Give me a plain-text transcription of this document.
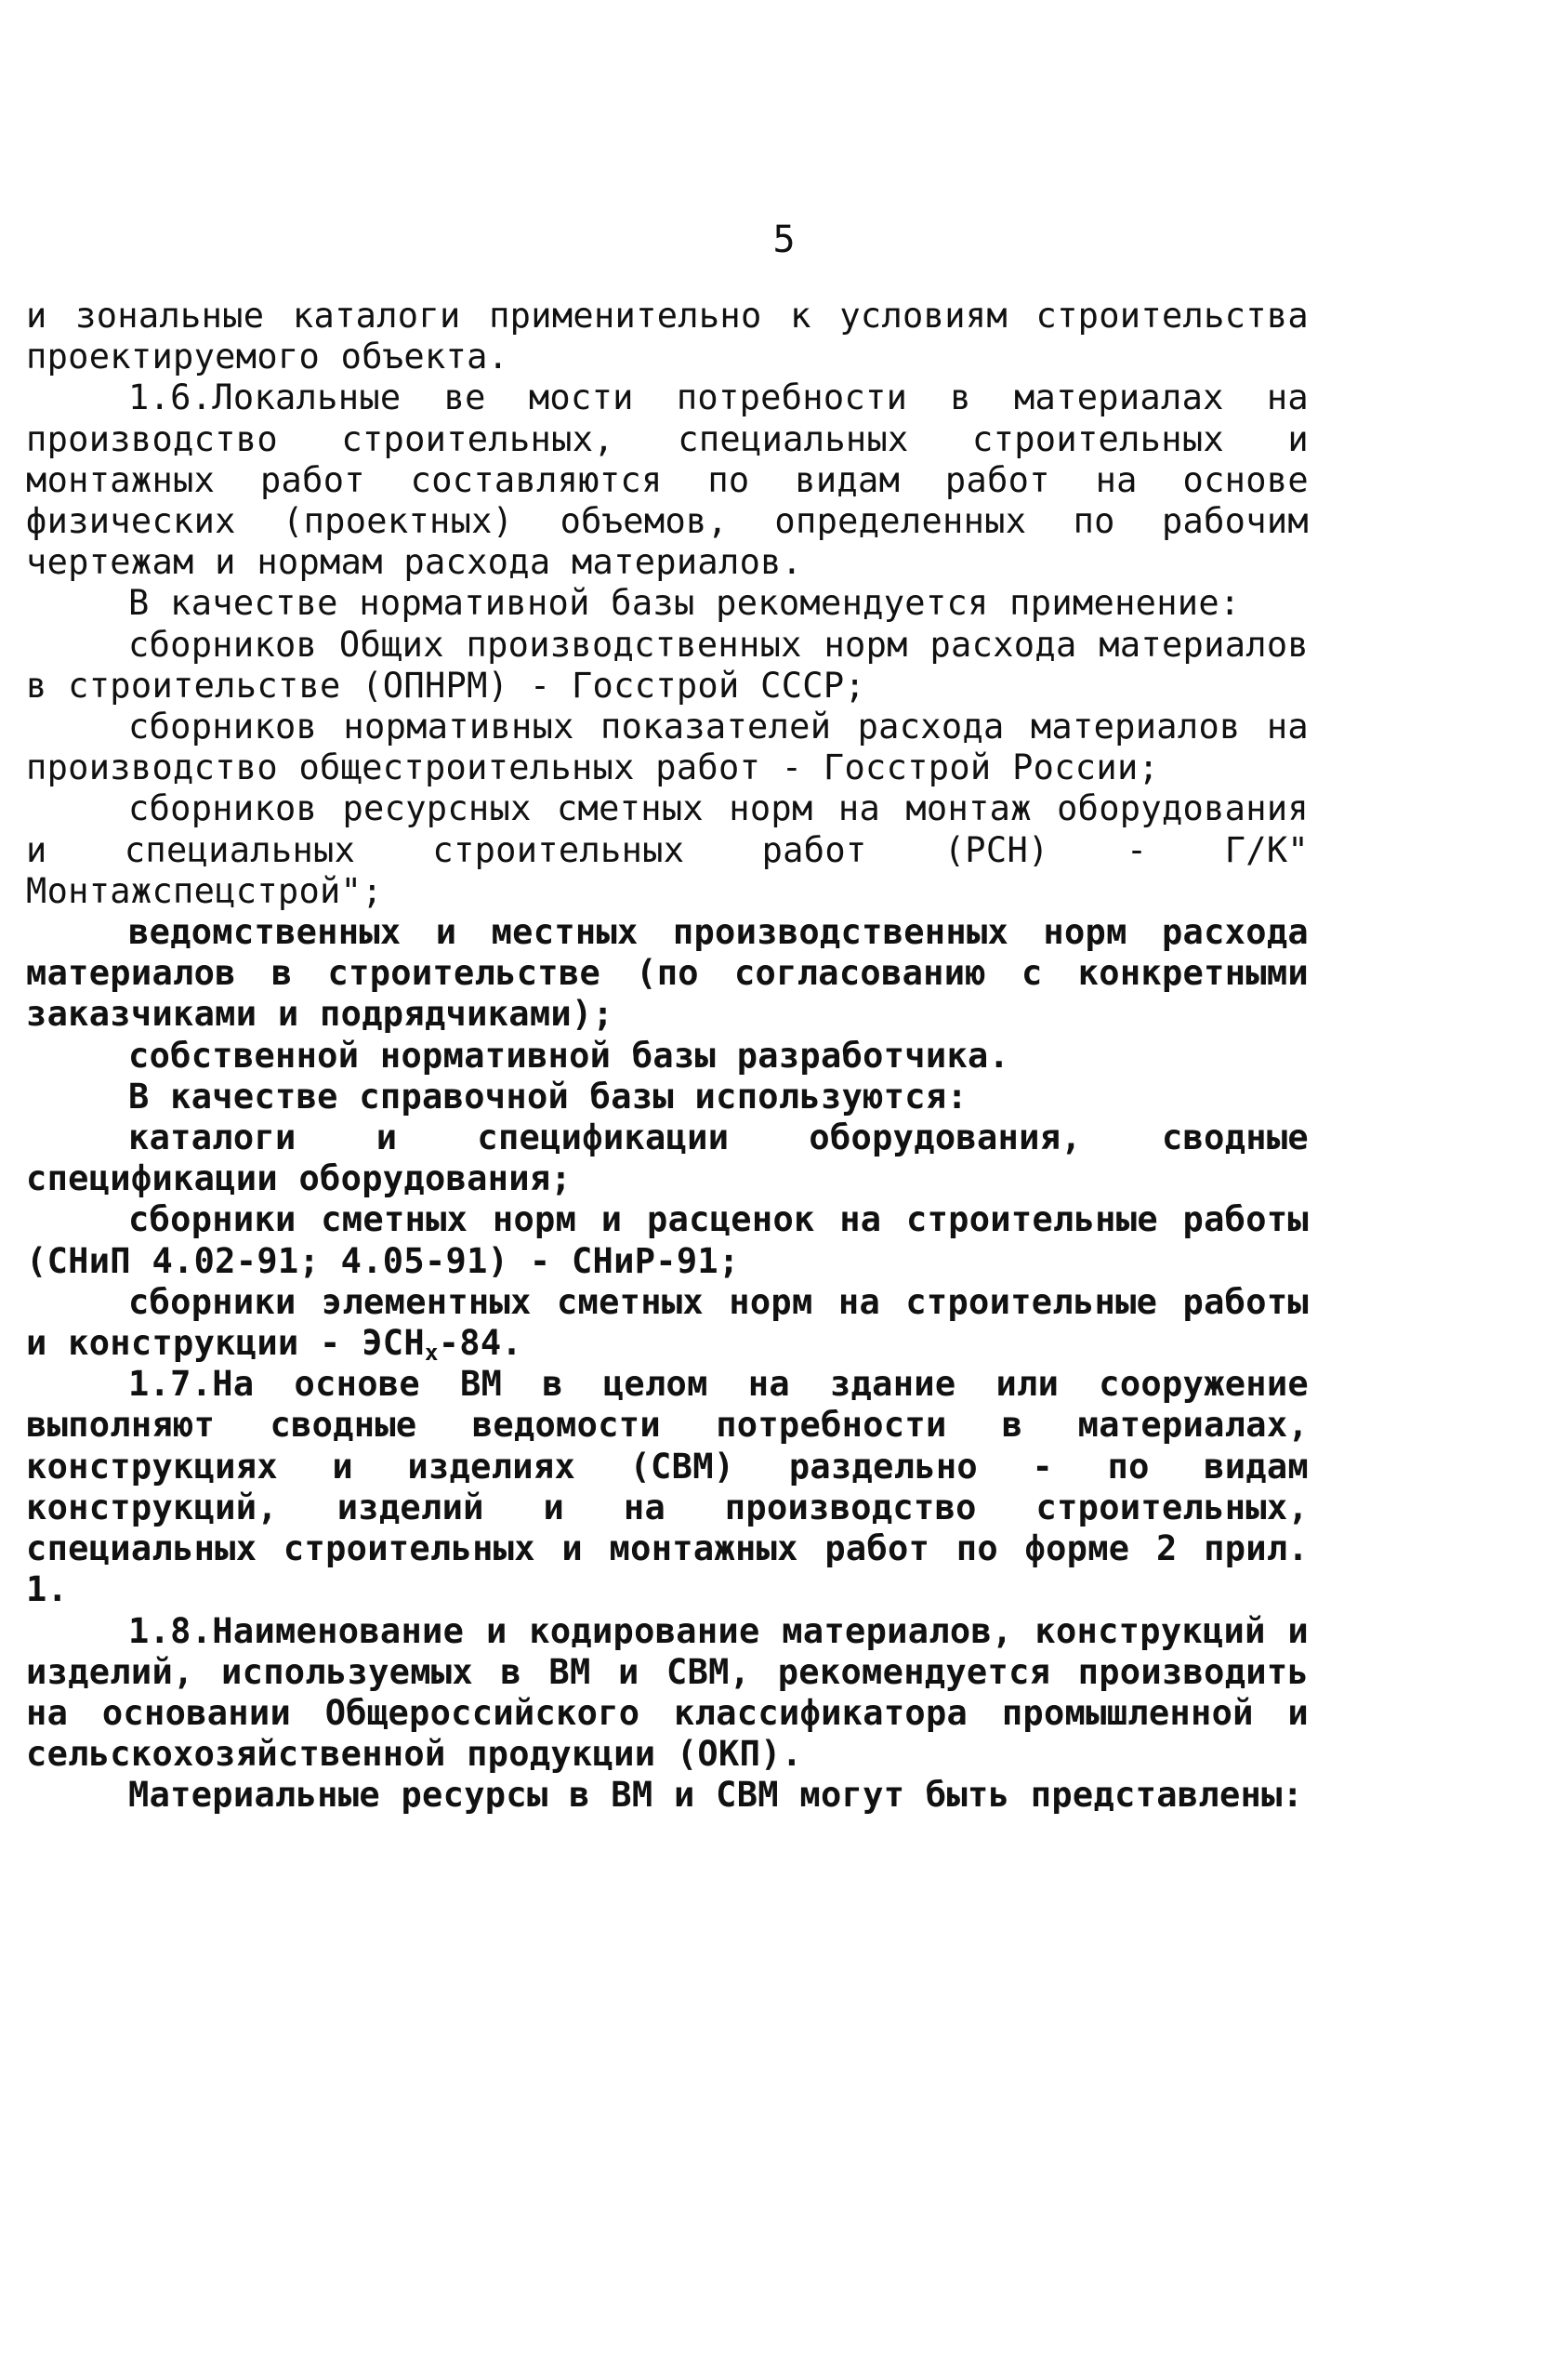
5

и зональные каталоги применительно к условиям строительства проектируемого объекта.

1.6.Локальные ве мости потребности в материалах на производство строительных, специальных строительных и монтажных работ составляются по видам работ на основе физических (проектных) объемов, определенных по рабочим чертежам и нормам расхода материалов.

В качестве нормативной базы рекомендуется применение:

сборников Общих производственных норм расхода материалов в строительстве (ОПНРМ) - Госстрой СССР;

сборников нормативных показателей расхода материалов на производство общестроительных работ - Госстрой России;

сборников ресурсных сметных норм на монтаж оборудования и специальных строительных работ (РСН) - Г/К" Монтажспецстрой";

ведомственных и местных производственных норм расхода материалов в строительстве (по согласованию с конкретными заказчиками и подрядчиками);

собственной нормативной базы разработчика.

В качестве справочной базы используются:

каталоги и спецификации оборудования, сводные спецификации оборудования;

сборники сметных норм и расценок на строительные работы (СНиП 4.02-91; 4.05-91) - СНиР-91;

сборники элементных сметных норм на строительные работы и конструкции - $ЭСН_х-84$.

1.7.На основе ВМ в целом на здание или сооружение выполняют сводные ведомости потребности в материалах, конструкциях и изделиях (СВМ) раздельно - по видам конструкций, изделий и на производство строительных, специальных строительных и монтажных работ по форме 2 прил. 1.

1.8.Наименование и кодирование материалов, конструкций и изделий, используемых в ВМ и СВМ, рекомендуется производить на основании Общероссийского классификатора промышленной и сельскохозяйственной продукции (ОКП).

Материальные ресурсы в ВМ и СВМ могут быть представлены:
